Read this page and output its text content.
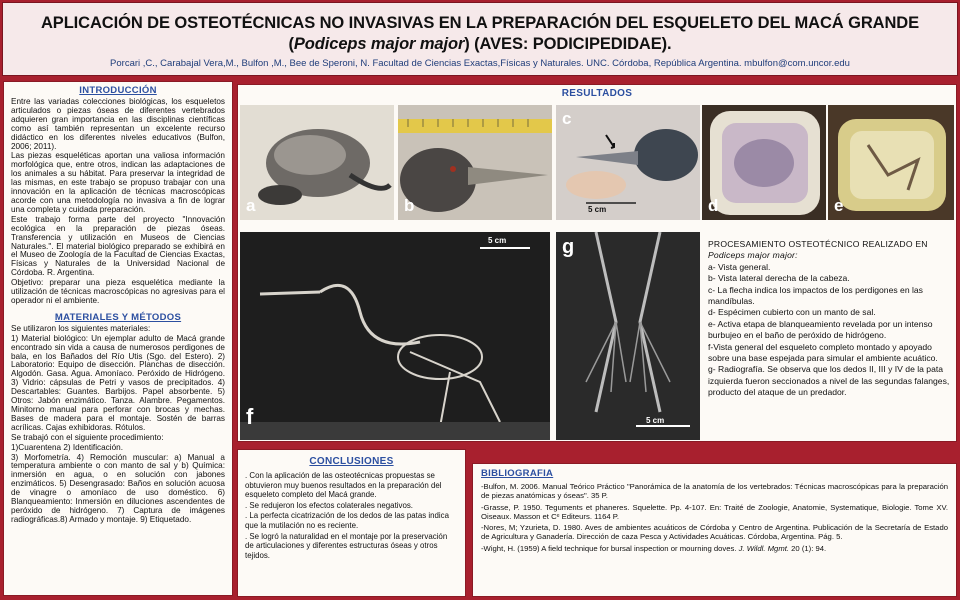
APLICACIÓN DE OSTEOTÉCNICAS NO INVASIVAS EN LA PREPARACIÓN DEL ESQUELETO DEL MACÁ GRANDE (Podiceps major major) (AVES: PODICIPEDIDAE).
Porcari ,C., Carabajal Vera,M., Bulfon ,M., Bee de Speroni, N. Facultad de Ciencias Exactas,Físicas y Naturales. UNC. Córdoba, República Argentina. mbulfon@com.uncor.edu
INTRODUCCIÓN

Entre las variadas colecciones biológicas, los esqueletos articulados o piezas óseas de diferentes vertebrados adquieren gran importancia en las disciplinas científicas como así también representan un excelente recurso didáctico en los diferentes niveles educativos (Bulfon, 2006; 2011).

Las piezas esqueléticas aportan una valiosa información morfológica que, entre otros, indican las adaptaciones de los animales a su hábitat. Para preservar la integridad de las mismas, en este trabajo se propuso trabajar con una innovación en la aplicación de técnicas macroscópicas acorde con una metodología no invasiva a fin de lograr una completa y cuidada preparación.

Este trabajo forma parte del proyecto "Innovación ecológica en la preparación de piezas óseas. Transferencia y utilización en Museos de Ciencias Naturales.". El material biológico preparado se exhibirá en el Museo de Zoología de la Facultad de Ciencias Exactas, Físicas y Naturales de la Universidad Nacional de Córdoba. R. Argentina.

Objetivo: preparar una pieza esquelética mediante la utilización de técnicas macroscópicas no agresivas para el operador ni el ambiente.

MATERIALES Y MÉTODOS

Se utilizaron los siguientes materiales:

1) Material biológico: Un ejemplar adulto de Macá grande encontrado sin vida a causa de numerosos perdigones de bala, en los Bañados del Río Utis (Sgo. del Estero). 2) Laboratorio: Equipo de disección. Planchas de disección. Algodón. Gasa. Agua. Amoníaco. Peróxido de Hidrógeno. 3) Vidrio: cápsulas de Petri y vasos de precipitados. 4) Descartables: Guantes. Barbijos. Papel absorbente. 5) Otros: Jabón enzimático. Tanza. Alambre. Pegamentos. Minitorno manual para perforar con brocas y mechas. Bases de madera para el montaje. Sostén de barras acrílicas. Cajas exhibidoras. Rótulos.

Se trabajó con el siguiente procedimiento:

1)Cuarentena 2) Identificación.

3) Morfometría. 4) Remoción muscular: a) Manual a temperatura ambiente o con manto de sal y b) Química: inmersión en agua, o en solución con jabones enzimáticos. 5) Desengrasado: Baños en solución acuosa de vinagre o amoníaco de uso doméstico. 6) Blanqueamiento: Inmersión en diluciones ascendentes de peróxido de hidrógeno. 7) Captura de imágenes radiográficas.8) Armado y montaje. 9) Etiquetado.

RESULTADOS
a	b
c
5 cm	d	e
f
5 cm	g
5 cm
PROCESAMIENTO OSTEOTÉCNICO REALIZADO EN Podiceps major major:
a- Vista general.
b- Vista lateral derecha de la cabeza.
c- La flecha indica los impactos de los perdigones en las mandíbulas.
d- Espécimen cubierto con un manto de sal.
e- Activa etapa de blanqueamiento revelada por un intenso burbujeo en el baño de peróxido de hidrógeno.
f-Vista general del esqueleto completo montado y apoyado sobre una base espejada para simular el ambiente acuático.
g- Radiografía. Se observa que los dedos II, III y IV de la pata izquierda fueron seccionados a nivel de las segundas falanges, producto del ataque de un predador.
CONCLUSIONES

. Con la aplicación de las osteotécnicas propuestas se obtuvieron muy buenos resultados en la preparación del esqueleto completo del Macá grande.

. Se redujeron los efectos colaterales negativos.

. La perfecta cicatrización de los dedos de las patas indica que la mutilación no es reciente.

. Se logró la naturalidad en el montaje por la preservación de articulaciones y diferentes estructuras óseas y otros tejidos.

BIBLIOGRAFIA

-Bulfon, M. 2006. Manual Teórico Práctico "Panorámica de la anatomía de los vertebrados: Técnicas macroscópicas para la preparación de piezas anatómicas y óseas". 35 P.

-Grasse, P. 1950. Teguments et phaneres. Squelette. Pp. 4-107. En: Traité de Zoologie, Anatomie, Systematique, Biologie. Tome XV. Oiseaux. Masson et Cᵉ Editeurs. 1164 P.

-Nores, M; Yzurieta, D. 1980. Aves de ambientes acuáticos de Córdoba y Centro de Argentina. Publicación de la Secretaría de Estado de Agricultura y Ganadería. Dirección de caza Pesca y Actividades Acuáticas. Córdoba, Argentina. Pág. 5.

-Wight, H. (1959) A field technique for bursal inspection or mourning doves. J. Wildl. Mgmt. 20 (1): 94.
